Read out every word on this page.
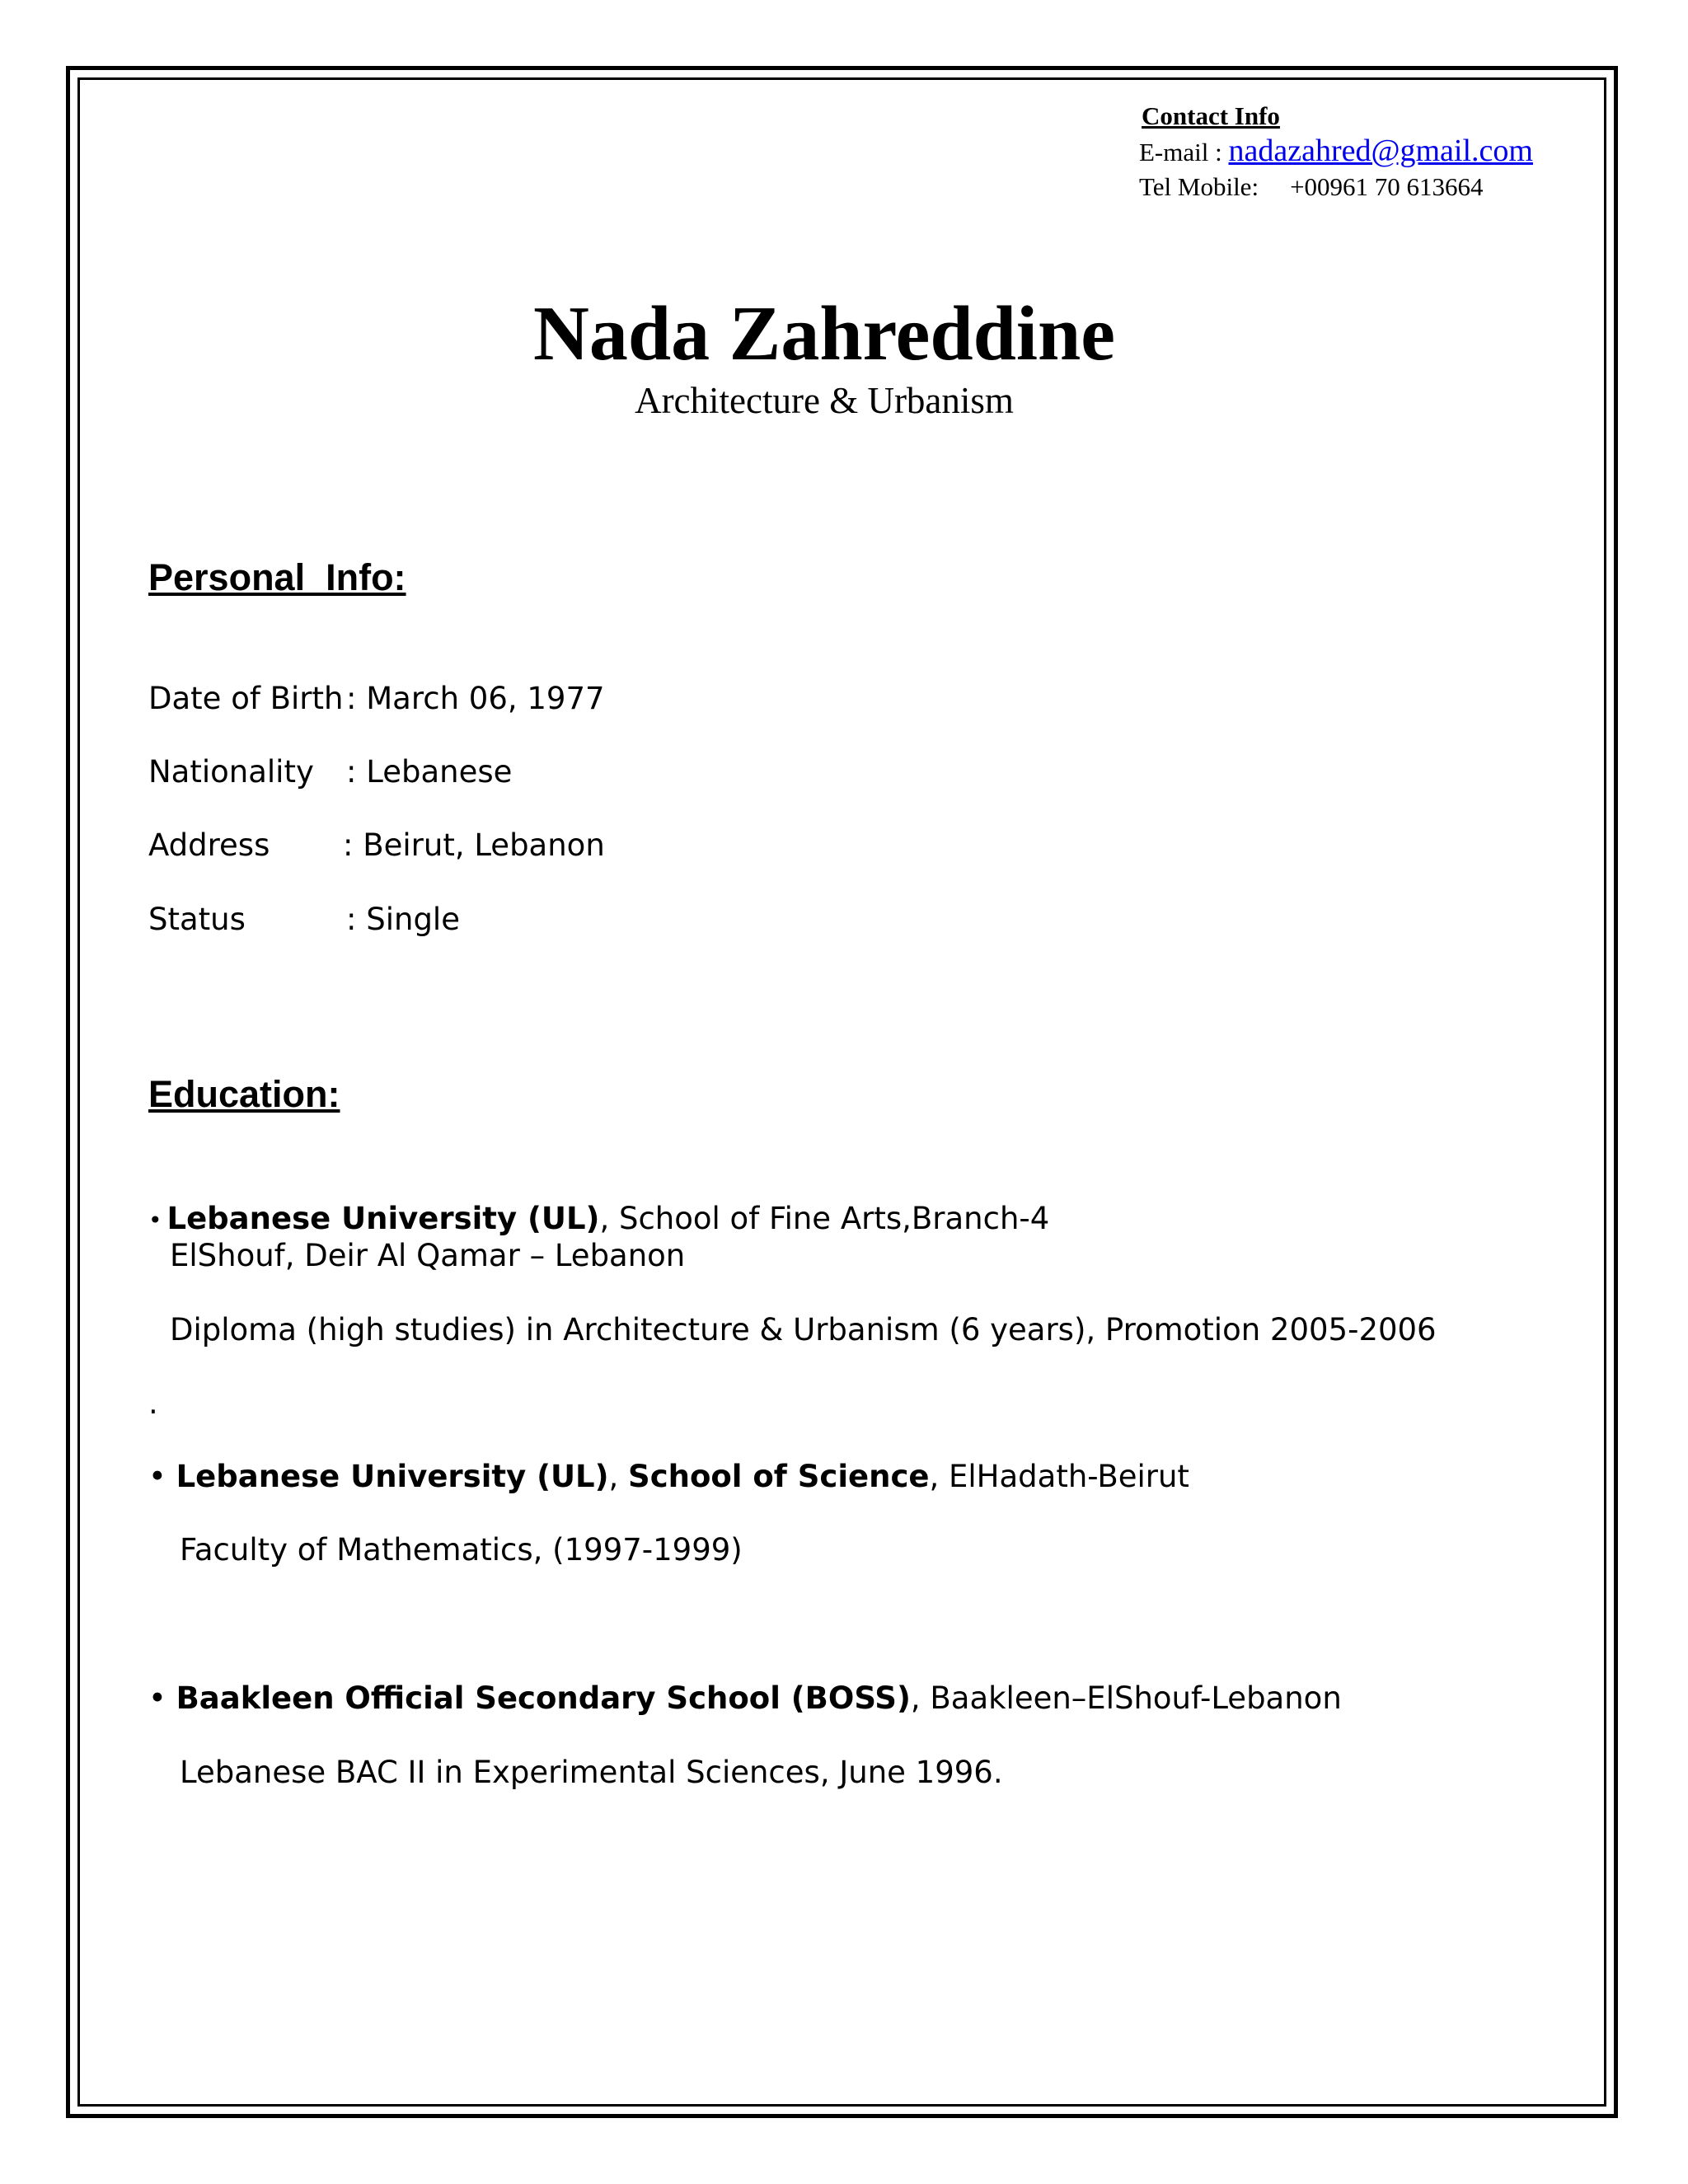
Contact Info
E-mail : nadazahred@gmail.com
Tel Mobile: +00961 70 613664
Nada Zahreddine
Architecture & Urbanism
Personal  Info:
Date of Birth: March 06, 1977
Nationality : Lebanese
Address : Beirut, Lebanon
Status	: Single
Education:
• Lebanese University (UL), School of Fine Arts,Branch-4
ElShouf, Deir Al Qamar – Lebanon
Diploma (high studies) in Architecture & Urbanism (6 years), Promotion 2005-2006
.
• Lebanese University (UL), School of Science, ElHadath-Beirut
Faculty of Mathematics, (1997-1999)
• Baakleen Official Secondary School (BOSS), Baakleen–ElShouf-Lebanon
Lebanese BAC II in Experimental Sciences, June 1996.
